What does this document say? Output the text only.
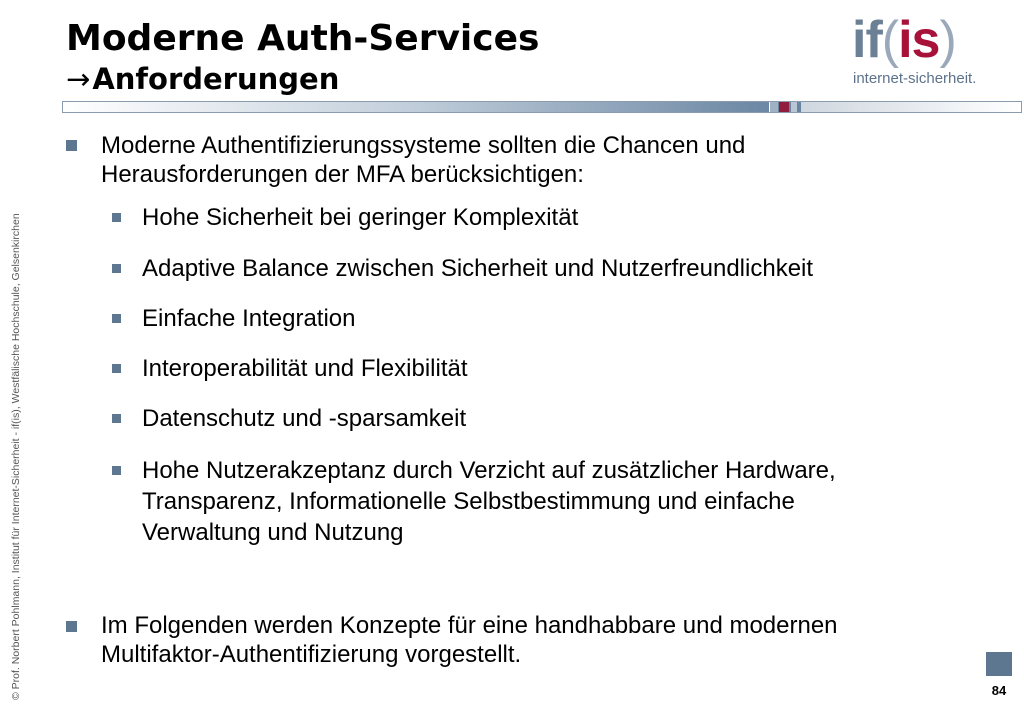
Moderne Auth-Services
→Anforderungen
if(is)
internet-sicherheit.
© Prof. Norbert Pohlmann, Institut für Internet-Sicherheit - if(is), Westfälische Hochschule, Gelsenkirchen
Moderne Authentifizierungssysteme sollten die Chancen und
Herausforderungen der MFA berücksichtigen:
Hohe Sicherheit bei geringer Komplexität
Adaptive Balance zwischen Sicherheit und Nutzerfreundlichkeit
Einfache Integration
Interoperabilität und Flexibilität
Datenschutz und -sparsamkeit
Hohe Nutzerakzeptanz durch Verzicht auf zusätzlicher Hardware,
Transparenz, Informationelle Selbstbestimmung und einfache
Verwaltung und Nutzung
Im Folgenden werden Konzepte für eine handhabbare und modernen
Multifaktor-Authentifizierung vorgestellt.
84
